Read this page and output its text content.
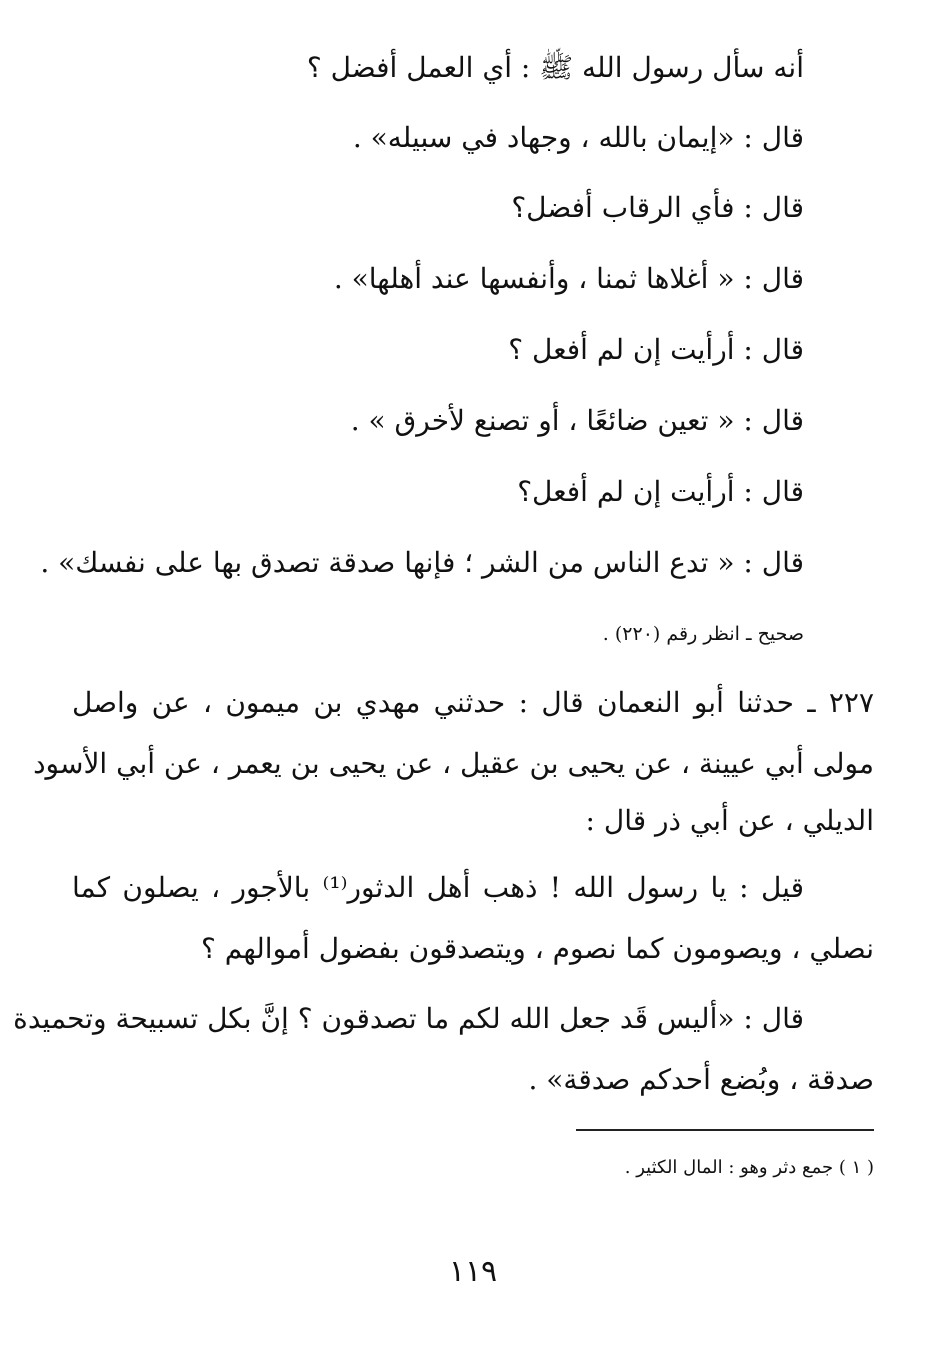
أنه سأل رسول الله ﷺ : أي العمل أفضل ؟
قال : «إيمان بالله ، وجهاد في سبيله» .
قال : فأي الرقاب أفضل؟
قال : « أغلاها ثمنا ، وأنفسها عند أهلها» .
قال : أرأيت إن لم أفعل ؟
قال : « تعين ضائعًا ، أو تصنع لأخرق » .
قال : أرأيت إن لم أفعل؟
قال : « تدع الناس من الشر ؛ فإنها صدقة تصدق بها على نفسك» .
صحيح ـ انظر رقم (٢٢٠) .
٢٢٧ ـ حدثنا أبو النعمان قال : حدثني مهدي بن ميمون ، عن واصل
مولى أبي عيينة ، عن يحيى بن عقيل ، عن يحيى بن يعمر ، عن أبي الأسود
الديلي ، عن أبي ذر قال :
قيل : يا رسول الله ! ذهب أهل الدثور⁽¹⁾ بالأجور ، يصلون كما
نصلي ، ويصومون كما نصوم ، ويتصدقون بفضول أموالهم ؟
قال : «أليس قَد جعل الله لكم ما تصدقون ؟ إنَّ بكل تسبيحة وتحميدة
صدقة ، وبُضع أحدكم صدقة» .
( ١ ) جمع دثر وهو : المال الكثير .
١١٩
